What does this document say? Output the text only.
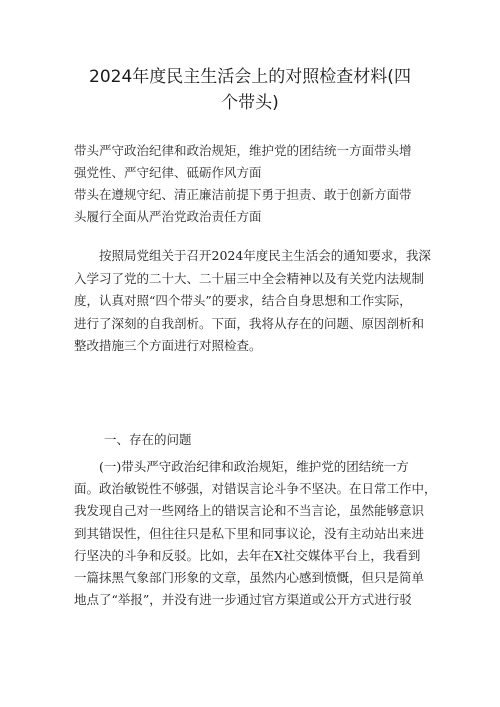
2024年度民主生活会上的对照检查材料(四
个带头)
带头严守政治纪律和政治规矩，维护党的团结统一方面带头增
强党性、严守纪律、砥砺作风方面
带头在遵规守纪、清正廉洁前提下勇于担责、敢于创新方面带
头履行全面从严治党政治责任方面
　　按照局党组关于召开2024年度民主生活会的通知要求，我深
入学习了党的二十大、二十届三中全会精神以及有关党内法规制
度，认真对照“四个带头”的要求，结合自身思想和工作实际，
进行了深刻的自我剖析。下面，我将从存在的问题、原因剖析和
整改措施三个方面进行对照检查。
一、存在的问题
　　(一)带头严守政治纪律和政治规矩，维护党的团结统一方
面。政治敏锐性不够强，对错误言论斗争不坚决。在日常工作中，
我发现自己对一些网络上的错误言论和不当言论，虽然能够意识
到其错误性，但往往只是私下里和同事议论，没有主动站出来进
行坚决的斗争和反驳。比如，去年在X社交媒体平台上，我看到
一篇抹黑气象部门形象的文章，虽然内心感到愤慨，但只是简单
地点了“举报”，并没有进一步通过官方渠道或公开方式进行驳
